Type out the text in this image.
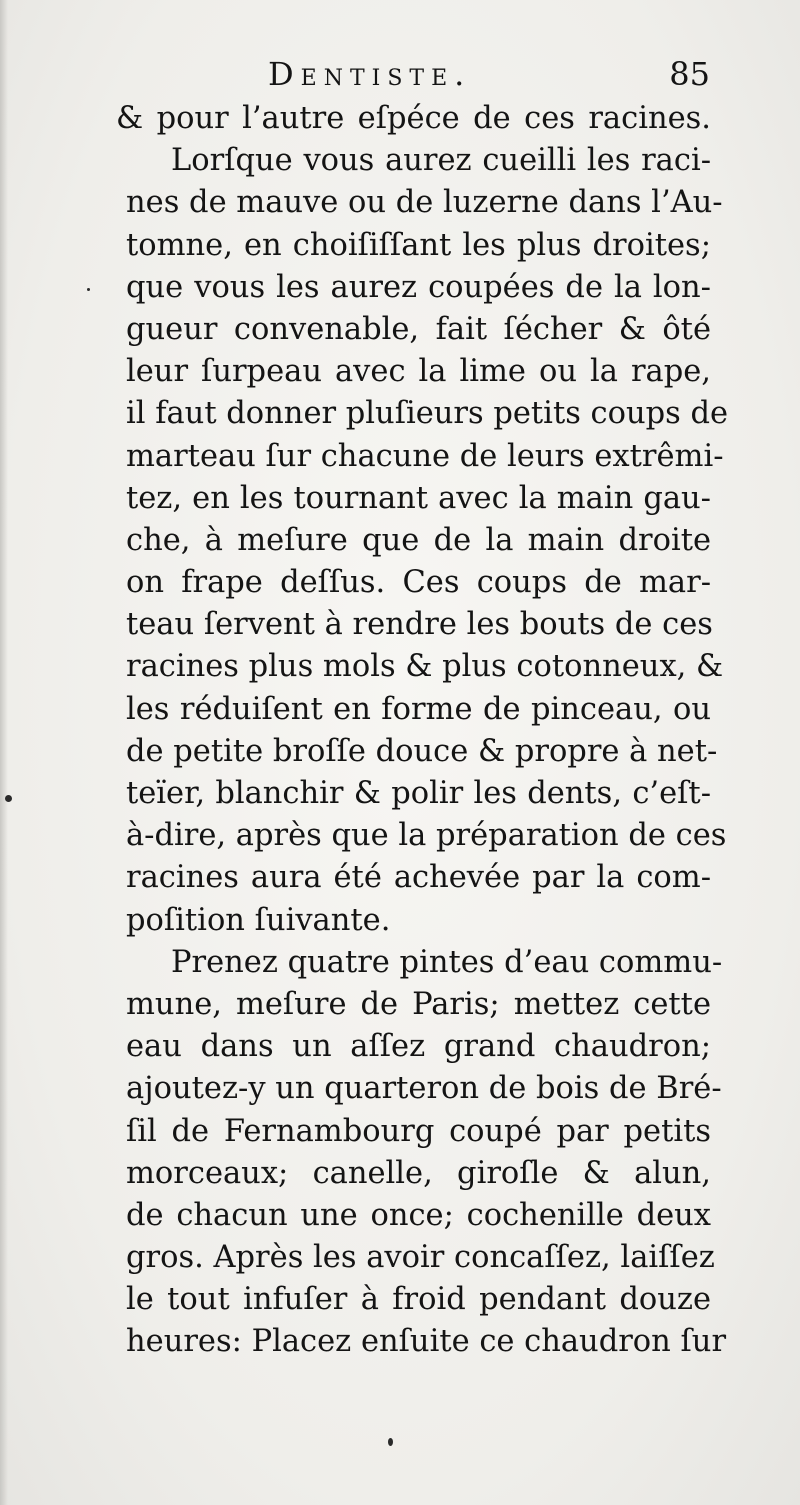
Dentiste.	85
& pour l’autre eſpéce de ces racines.
Lorſque vous aurez cueilli les raci-
nes de mauve ou de luzerne dans l’Au-
tomne, en choiſiſſant les plus droites;
que vous les aurez coupées de la lon-
gueur convenable, fait ſécher & ôté
leur ſurpeau avec la lime ou la rape,
il faut donner pluſieurs petits coups de
marteau ſur chacune de leurs extrêmi-
tez, en les tournant avec la main gau-
che, à meſure que de la main droite
on frape deſſus. Ces coups de mar-
teau ſervent à rendre les bouts de ces
racines plus mols & plus cotonneux, &
les réduiſent en forme de pinceau, ou
de petite broſſe douce & propre à net-
teïer, blanchir & polir les dents, c’eſt-
à-dire, après que la préparation de ces
racines aura été achevée par la com-
poſition ſuivante.
Prenez quatre pintes d’eau commu-
mune, meſure de Paris; mettez cette
eau dans un aſſez grand chaudron;
ajoutez-y un quarteron de bois de Bré-
ſil de Fernambourg coupé par petits
morceaux; canelle, giroſle & alun,
de chacun une once; cochenille deux
gros. Après les avoir concaſſez, laiſſez
le tout infuſer à froid pendant douze
heures: Placez enſuite ce chaudron ſur
